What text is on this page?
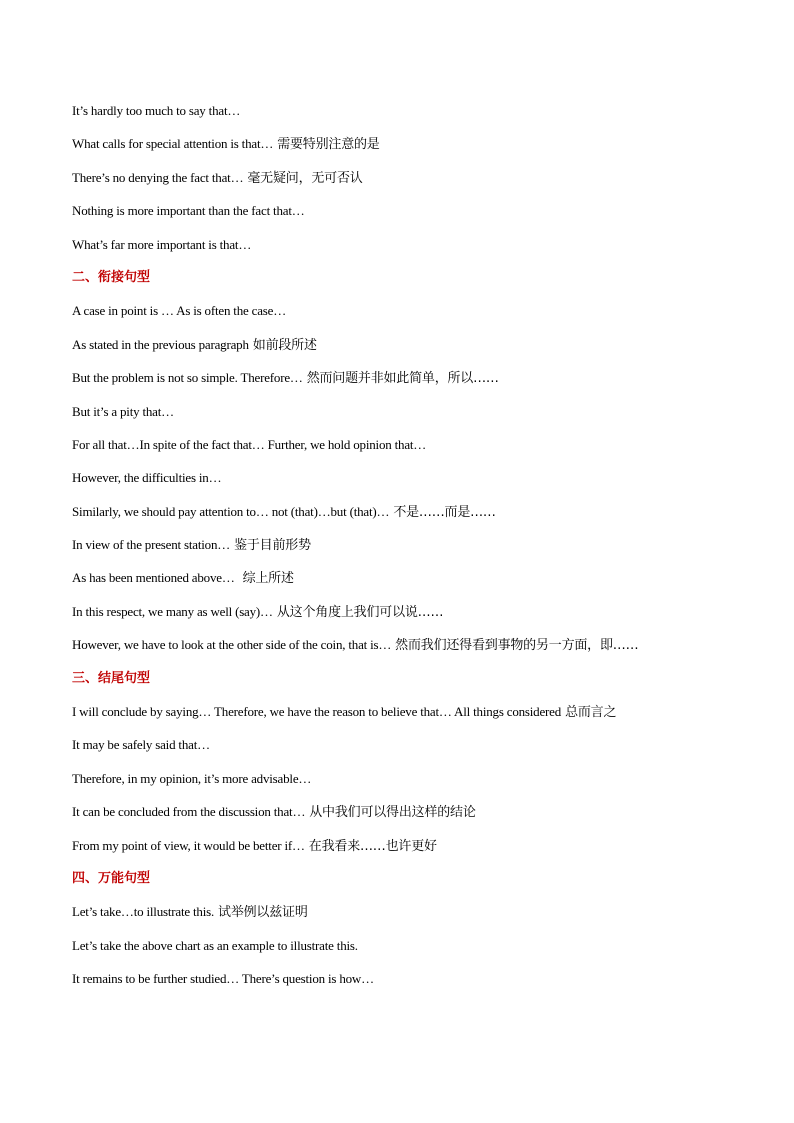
It’s hardly too much to say that…
What calls for special attention is that… 需要特别注意的是
There’s no denying the fact that… 毫无疑问，无可否认
Nothing is more important than the fact that…
What’s far more important is that…
二、衔接句型
A case in point is … As is often the case…
As stated in the previous paragraph 如前段所述
But the problem is not so simple. Therefore… 然而问题并非如此简单，所以……
But it’s a pity that…
For all that…In spite of the fact that… Further, we hold opinion that…
However, the difficulties in…
Similarly, we should pay attention to… not (that)…but (that)… 不是……而是……
In view of the present station… 鉴于目前形势
As has been mentioned above… 综上所述
In this respect, we many as well (say)… 从这个角度上我们可以说……
However, we have to look at the other side of the coin, that is… 然而我们还得看到事物的另一方面，即……
三、结尾句型
I will conclude by saying… Therefore, we have the reason to believe that… All things considered 总而言之
It may be safely said that…
Therefore, in my opinion, it’s more advisable…
It can be concluded from the discussion that… 从中我们可以得出这样的结论
From my point of view, it would be better if… 在我看来……也许更好
四、万能句型
Let’s take…to illustrate this. 试举例以兹证明
Let’s take the above chart as an example to illustrate this.
It remains to be further studied… There’s question is how…
